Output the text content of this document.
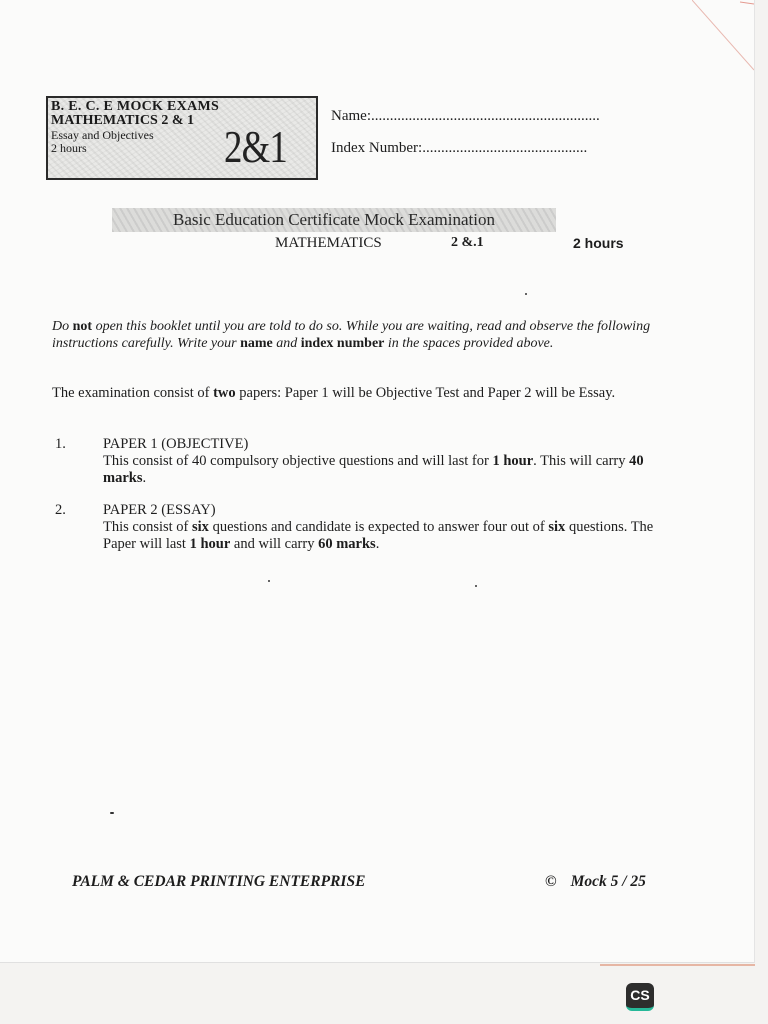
B. E. C. E MOCK EXAMS
MATHEMATICS 2 & 1
Essay and Objectives
2 hours	2&1
Name:.............................................................
Index Number:............................................
Basic Education Certificate Mock Examination
MATHEMATICS	2 &.1	2 hours
Do not open this booklet until you are told to do so. While you are waiting, read and observe the following instructions carefully. Write your name and index number in the spaces provided above.
The examination consist of two papers: Paper 1 will be Objective Test and Paper 2 will be Essay.
1.	PAPER 1 (OBJECTIVE)
This consist of 40 compulsory objective questions and will last for 1 hour. This will carry 40 marks.
2.	PAPER 2 (ESSAY)
This consist of six questions and candidate is expected to answer four out of six questions. The Paper will last 1 hour and will carry 60 marks.
PALM & CEDAR PRINTING ENTERPRISE	© Mock 5 / 25
CS
